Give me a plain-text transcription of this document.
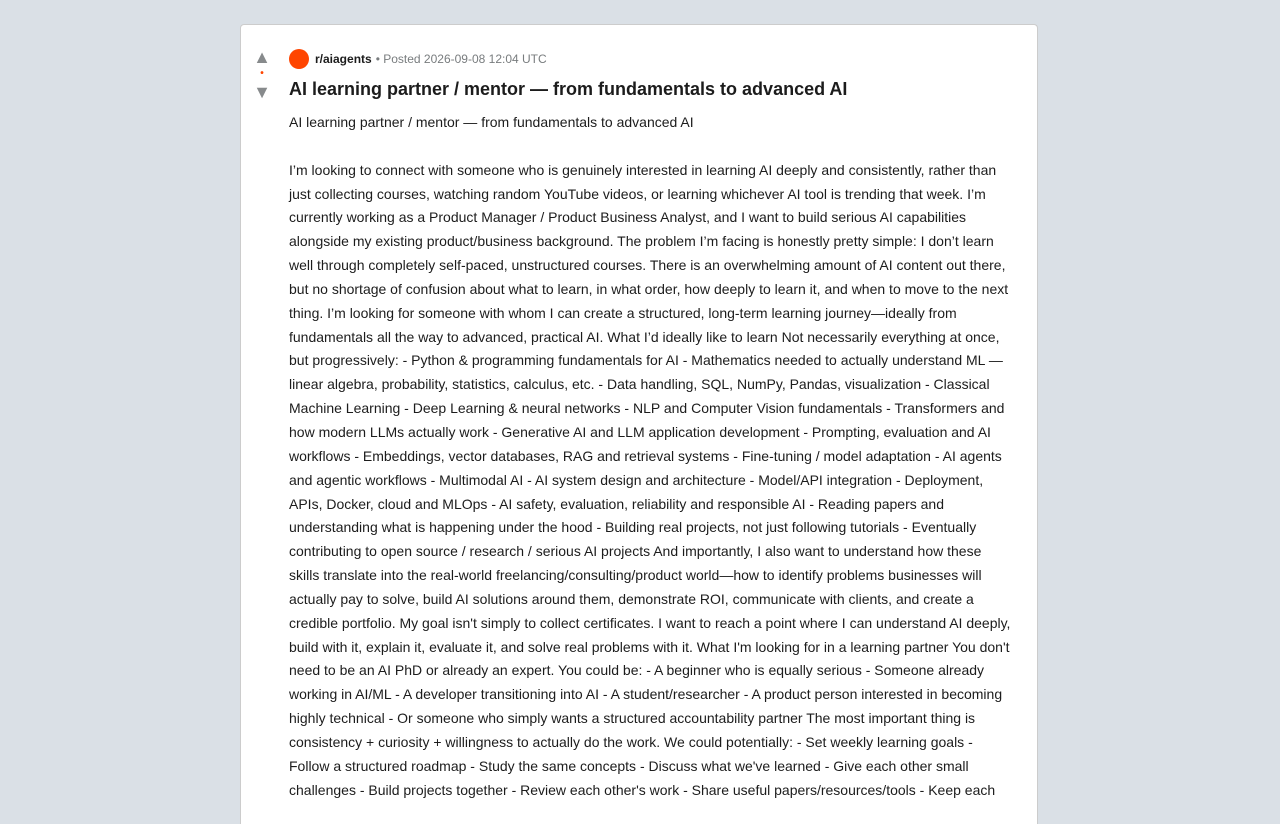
▲
•
▼
r/aiagents • Posted 2026-09-08 12:04 UTC
AI learning partner / mentor — from fundamentals to advanced AI

AI learning partner / mentor — from fundamentals to advanced AI

I’m looking to connect with someone who is genuinely interested in learning AI deeply and consistently, rather than just collecting courses, watching random YouTube videos, or learning whichever AI tool is trending that week. I’m currently working as a Product Manager / Product Business Analyst, and I want to build serious AI capabilities alongside my existing product/business background. The problem I’m facing is honestly pretty simple: I don’t learn well through completely self-paced, unstructured courses. There is an overwhelming amount of AI content out there, but no shortage of confusion about what to learn, in what order, how deeply to learn it, and when to move to the next thing. I’m looking for someone with whom I can create a structured, long-term learning journey—ideally from fundamentals all the way to advanced, practical AI. What I’d ideally like to learn Not necessarily everything at once, but progressively: - Python & programming fundamentals for AI - Mathematics needed to actually understand ML — linear algebra, probability, statistics, calculus, etc. - Data handling, SQL, NumPy, Pandas, visualization - Classical Machine Learning - Deep Learning & neural networks - NLP and Computer Vision fundamentals - Transformers and how modern LLMs actually work - Generative AI and LLM application development - Prompting, evaluation and AI workflows - Embeddings, vector databases, RAG and retrieval systems - Fine-tuning / model adaptation - AI agents and agentic workflows - Multimodal AI - AI system design and architecture - Model/API integration - Deployment, APIs, Docker, cloud and MLOps - AI safety, evaluation, reliability and responsible AI - Reading papers and understanding what is happening under the hood - Building real projects, not just following tutorials - Eventually contributing to open source / research / serious AI projects And importantly, I also want to understand how these skills translate into the real-world freelancing/consulting/product world—how to identify problems businesses will actually pay to solve, build AI solutions around them, demonstrate ROI, communicate with clients, and create a credible portfolio. My goal isn't simply to collect certificates. I want to reach a point where I can understand AI deeply, build with it, explain it, evaluate it, and solve real problems with it. What I'm looking for in a learning partner You don't need to be an AI PhD or already an expert. You could be: - A beginner who is equally serious - Someone already working in AI/ML - A developer transitioning into AI - A student/researcher - A product person interested in becoming highly technical - Or someone who simply wants a structured accountability partner The most important thing is consistency + curiosity + willingness to actually do the work. We could potentially: - Set weekly learning goals - Follow a structured roadmap - Study the same concepts - Discuss what we've learned - Give each other small challenges - Build projects together - Review each other's work - Share useful papers/resources/tools - Keep each
